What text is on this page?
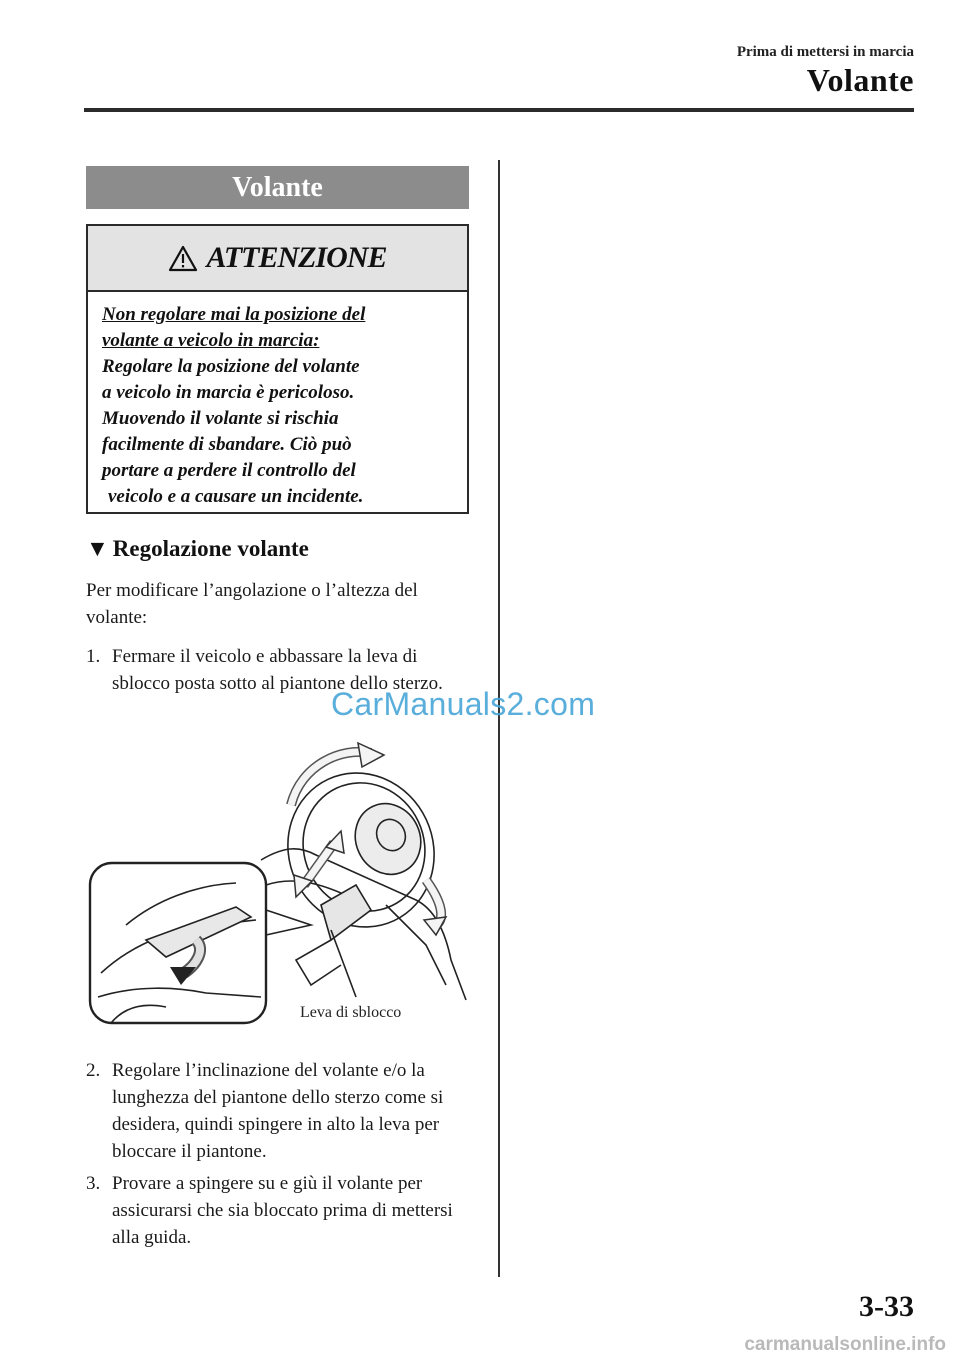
Prima di mettersi in marcia
Volante
Volante
ATTENZIONE
Non regolare mai la posizione del
volante a veicolo in marcia:
Regolare la posizione del volante
a veicolo in marcia è pericoloso.
Muovendo il volante si rischia
facilmente di sbandare. Ciò può
portare a perdere il controllo del
veicolo e a causare un incidente.
▼ Regolazione volante
Per modificare l’angolazione o l’altezza del volante:
1. Fermare il veicolo e abbassare la leva di sblocco posta sotto al piantone dello sterzo.
Leva di sblocco
2. Regolare l’inclinazione del volante e/o la lunghezza del piantone dello sterzo come si desidera, quindi spingere in alto la leva per bloccare il piantone.
3. Provare a spingere su e giù il volante per assicurarsi che sia bloccato prima di mettersi alla guida.
CarManuals2.com
3-33
carmanualsonline.info
